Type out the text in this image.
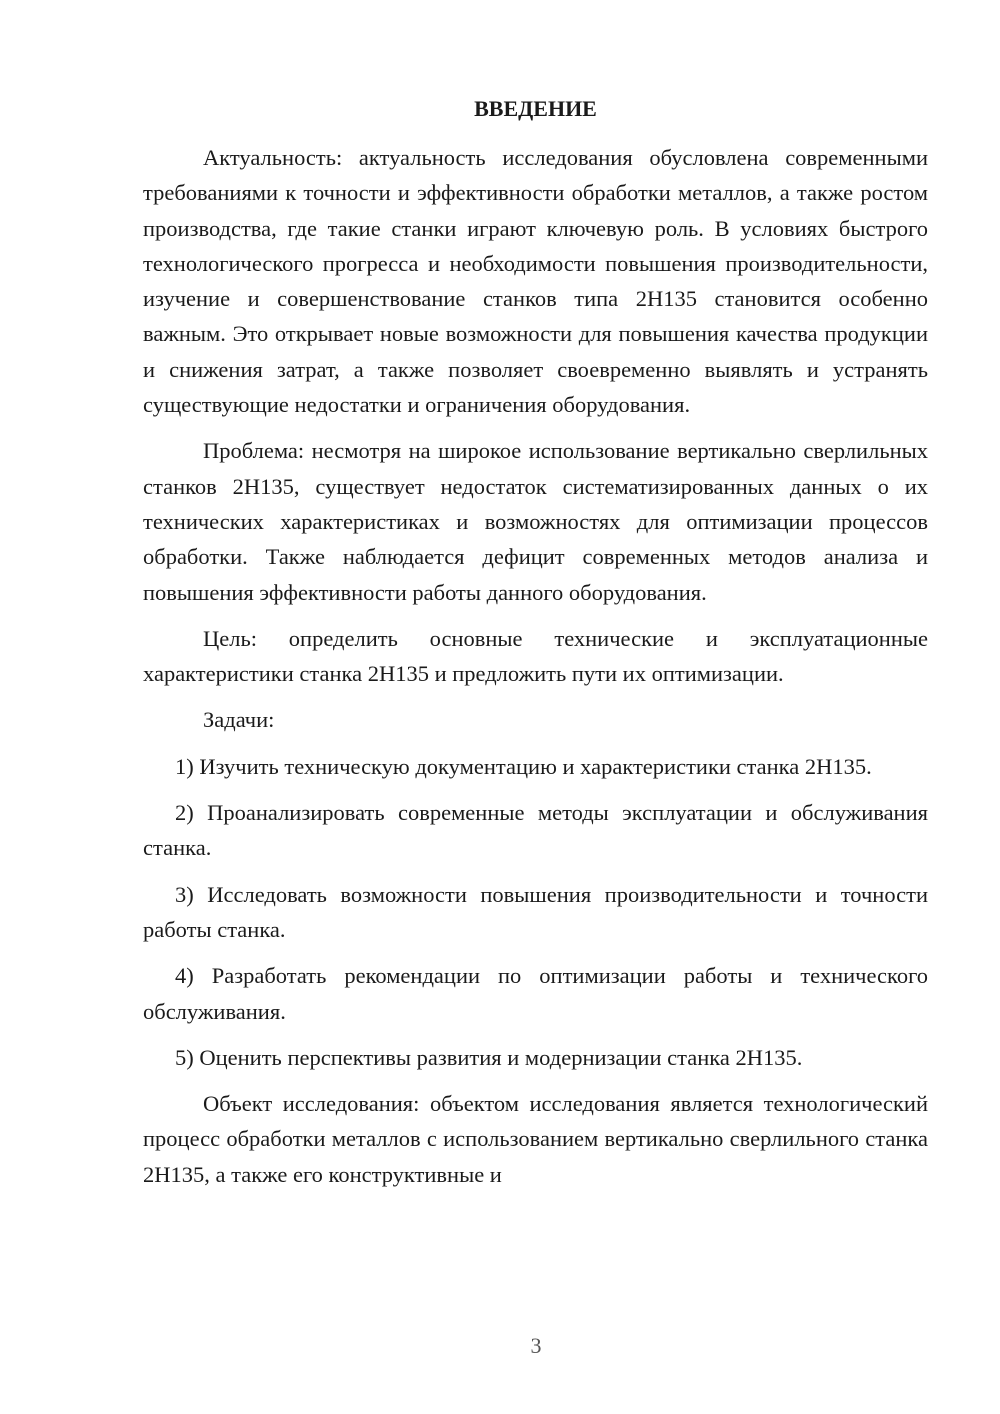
ВВЕДЕНИЕ

Актуальность: актуальность исследования обусловлена современными требованиями к точности и эффективности обработки металлов, а также ростом производства, где такие станки играют ключевую роль. В условиях быстрого технологического прогресса и необходимости повышения производительности, изучение и совершенствование станков типа 2Н135 становится особенно важным. Это открывает новые возможности для повышения качества продукции и снижения затрат, а также позволяет своевременно выявлять и устранять существующие недостатки и ограничения оборудования.

Проблема: несмотря на широкое использование вертикально сверлильных станков 2Н135, существует недостаток систематизированных данных о их технических характеристиках и возможностях для оптимизации процессов обработки. Также наблюдается дефицит современных методов анализа и повышения эффективности работы данного оборудования.

Цель: определить основные технические и эксплуатационные характеристики станка 2Н135 и предложить пути их оптимизации.

Задачи:

1) Изучить техническую документацию и характеристики станка 2Н135.

2) Проанализировать современные методы эксплуатации и обслуживания станка.

3) Исследовать возможности повышения производительности и точности работы станка.

4) Разработать рекомендации по оптимизации работы и технического обслуживания.

5) Оценить перспективы развития и модернизации станка 2Н135.

Объект исследования: объектом исследования является технологический процесс обработки металлов с использованием вертикально сверлильного станка 2Н135, а также его конструктивные и

3
